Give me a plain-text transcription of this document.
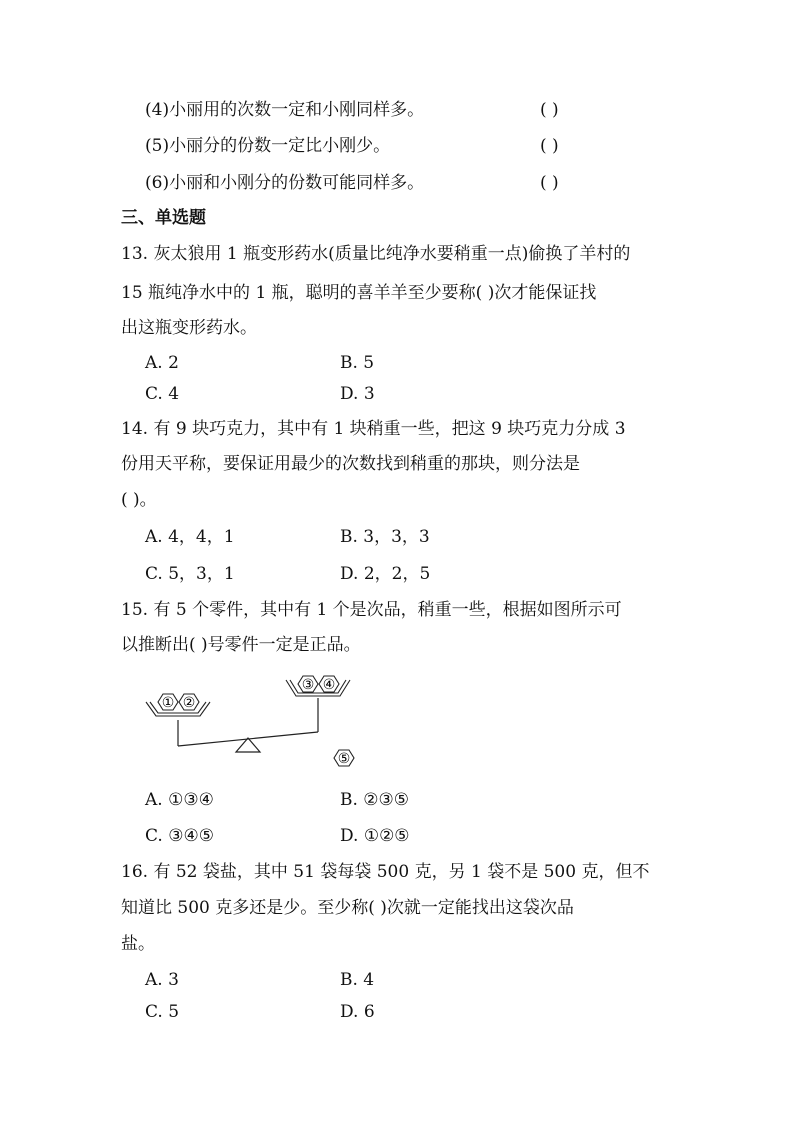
(4)小丽用的次数一定和小刚同样多。	( )
(5)小丽分的份数一定比小刚少。	( )
(6)小丽和小刚分的份数可能同样多。	( )
三、单选题
13. 灰太狼用 1 瓶变形药水(质量比纯净水要稍重一点)偷换了羊村的
15 瓶纯净水中的 1 瓶，聪明的喜羊羊至少要称( )次才能保证找
出这瓶变形药水。
A. 2	B. 5
C. 4	D. 3
14. 有 9 块巧克力，其中有 1 块稍重一些，把这 9 块巧克力分成 3
份用天平称，要保证用最少的次数找到稍重的那块，则分法是
( )。
A. 4，4，1	B. 3，3，3
C. 5，3，1	D. 2，2，5
15. 有 5 个零件，其中有 1 个是次品，稍重一些，根据如图所示可
以推断出( )号零件一定是正品。
① ②
③ ④
⑤
A. ①③④	B. ②③⑤
C. ③④⑤	D. ①②⑤
16. 有 52 袋盐，其中 51 袋每袋 500 克，另 1 袋不是 500 克，但不
知道比 500 克多还是少。至少称( )次就一定能找出这袋次品
盐。
A. 3	B. 4
C. 5	D. 6
